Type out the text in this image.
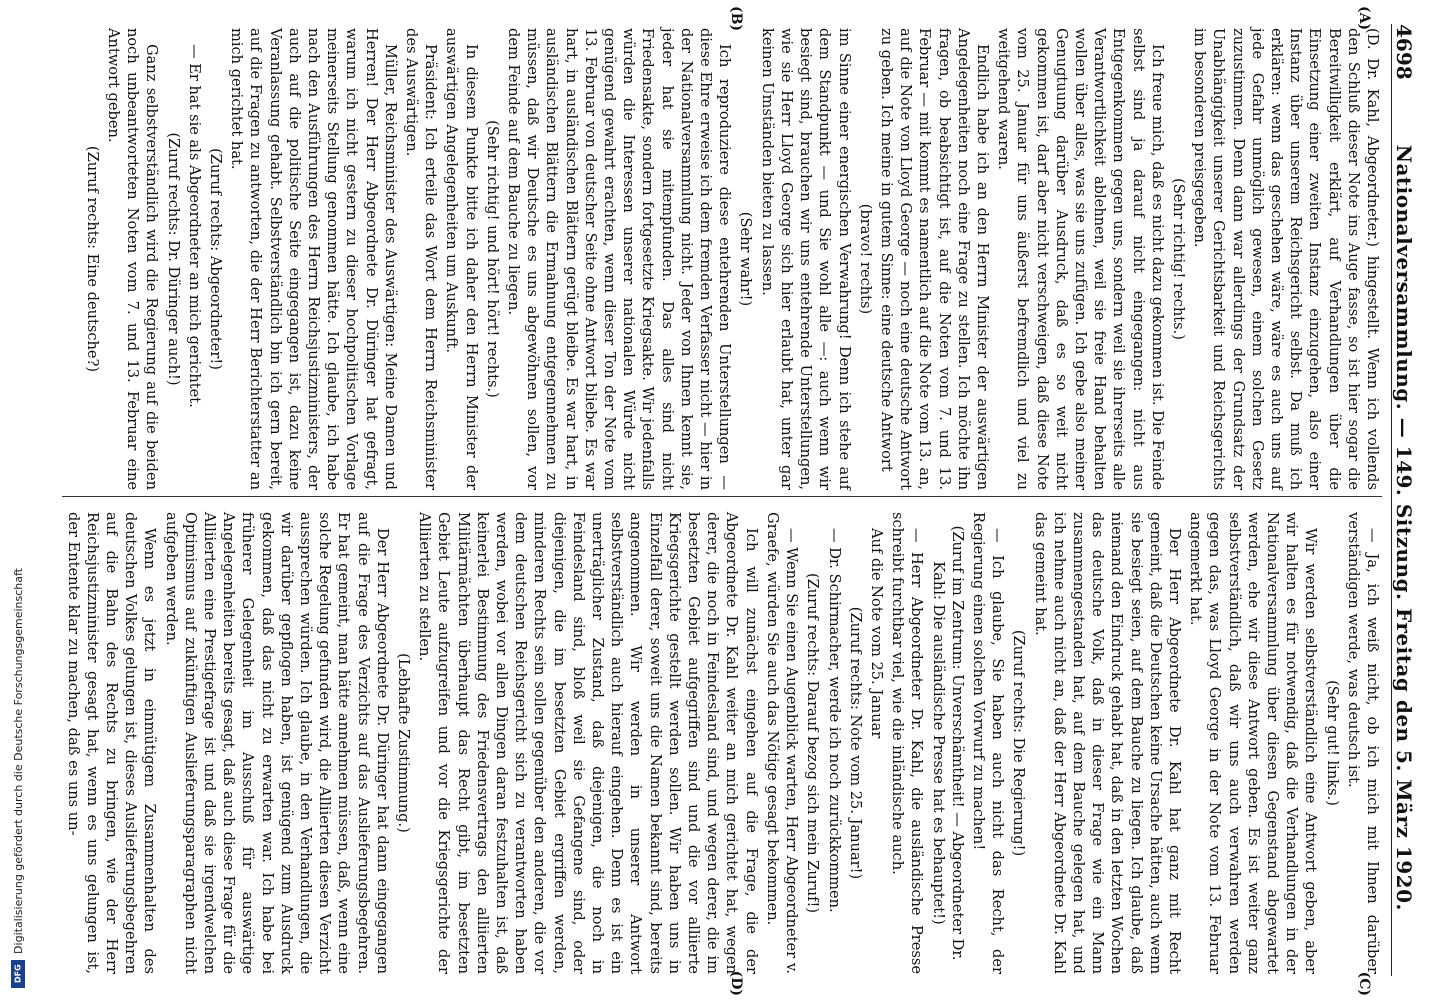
4698
Nationalversammlung. — 149. Sitzung. Freitag den 5. März 1920.
(A)
(B)
(C)
(D)

(D. Dr. Kahl, Abgeordneter.) hingestellt. Wenn ich vollends den Schluß dieser Note ins Auge fasse, so ist hier sogar die Bereitwilligkeit erklärt, auf Verhandlungen über die Einsetzung einer zweiten Instanz einzugehen, also einer Instanz über unserem Reichsgericht selbst. Da muß ich erklären: wenn das geschehen wäre, wäre es auch uns auf jede Gefahr unmöglich gewesen, einem solchen Gesetz zuzustimmen. Denn dann war allerdings der Grundsatz der Unabhängigkeit unserer Gerichtsbarkeit und Reichsgerichts im besonderen preisgegeben.

(Sehr richtig! rechts.)

Ich freue mich, daß es nicht dazu gekommen ist. Die Feinde selbst sind ja darauf nicht eingegangen: nicht aus Entgegenkommen gegen uns, sondern weil sie ihrerseits alle Verantwortlichkeit ablehnen, weil sie freie Hand behalten wollen über alles, was sie uns zufügen. Ich gebe also meiner Genugtuung darüber Ausdruck, daß es so weit nicht gekommen ist, darf aber nicht verschweigen, daß diese Note vom 25. Januar für uns äußerst befremdlich und viel zu weitgehend waren.

Endlich habe ich an den Herrn Minister der auswärtigen Angelegenheiten noch eine Frage zu stellen. Ich möchte ihn fragen, ob beabsichtigt ist, auf die Noten vom 7. und 13. Februar — mit kommt es namentlich auf die Note vom 13. an, auf die Note von Lloyd George — noch eine deutsche Antwort zu geben. Ich meine in gutem Sinne: eine deutsche Antwort

(bravo! rechts)

im Sinne einer energischen Verwahrung! Denn ich stehe auf dem Standpunkt — und Sie wohl alle —: auch wenn wir besiegt sind, brauchen wir uns entehrende Unterstellungen, wie sie Herr Lloyd George sich hier erlaubt hat, unter gar keinen Umständen bieten zu lassen.

(Sehr wahr!)

Ich reproduziere diese entehrenden Unterstellungen — diese Ehre erweise ich dem fremden Verfasser nicht — hier in der Nationalversammlung nicht. Jeder von Ihnen kennt sie, jeder hat sie mitempfunden. Das alles sind nicht Friedensakte, sondern fortgesetzte Kriegsakte. Wir jedenfalls würden die Interessen unserer nationalen Würde nicht genügend gewahrt erachten, wenn dieser Ton der Note vom 13. Februar von deutscher Seite ohne Antwort bliebe. Es war hart, in ausländischen Blättern gerügt bleibe. Es war hart, in ausländischen Blättern die Ermahnung entgegennehmen zu müssen, daß wir Deutsche es uns abgewöhnen sollen, vor dem Feinde auf dem Bauche zu liegen.

(Sehr richtig! und hört! hört! rechts.)

In diesem Punkte bitte ich daher den Herrn Minister der auswärtigen Angelegenheiten um Auskunft.

Präsident: Ich erteile das Wort dem Herrn Reichsminister des Auswärtigen.

Müller, Reichsminister des Auswärtigen: Meine Damen und Herren! Der Herr Abgeordnete Dr. Düringer hat gefragt, warum ich nicht gestern zu dieser hochpolitischen Vorlage meinerseits Stellung genommen hätte. Ich glaube, ich habe nach den Ausführungen des Herrn Reichsjustizministers, der auch auf die politische Seite eingegangen ist, dazu keine Veranlassung gehabt. Selbstverständlich bin ich gern bereit, auf die Fragen zu antworten, die der Herr Berichterstatter an mich gerichtet hat.

(Zuruf rechts: Abgeordneter!)

— Er hat sie als Abgeordneter an mich gerichtet.

(Zuruf rechts: Dr. Düringer auch!)

Ganz selbstverständlich wird die Regierung auf die beiden noch unbeantworteten Noten vom 7. und 13. Februar eine Antwort geben.

(Zuruf rechts: Eine deutsche?)

— Ja, ich weiß nicht, ob ich mich mit Ihnen darüber verständigen werde, was deutsch ist.

(Sehr gut! links.)

Wir werden selbstverständlich eine Antwort geben, aber wir halten es für notwendig, daß die Verhandlungen in der Nationalversammlung über diesen Gegenstand abgewartet werden, ehe wir diese Antwort geben. Es ist weiter ganz selbstverständlich, daß wir uns auch verwahren werden gegen das, was Lloyd George in der Note vom 13. Februar angemerkt hat.

Der Herr Abgeordnete Dr. Kahl hat ganz mit Recht gemeint, daß die Deutschen keine Ursache hätten, auch wenn sie besiegt seien, auf dem Bauche zu liegen. Ich glaube, daß niemand den Eindruck gehabt hat, daß in den letzten Wochen das deutsche Volk, daß in dieser Frage wie ein Mann zusammengestanden hat, auf dem Bauche gelegen hat, und ich nehme auch nicht an, daß der Herr Abgeordnete Dr. Kahl das gemeint hat.

(Zuruf rechts: Die Regierung!)

— Ich glaube, Sie haben auch nicht das Recht, der Regierung einen solchen Vorwurf zu machen!

(Zuruf im Zentrum: Unverschämtheit! — Abgeordneter Dr. Kahl: Die ausländische Presse hat es behauptet!)

— Herr Abgeordneter Dr. Kahl, die ausländische Presse schreibt furchtbar viel, wie die inländische auch.

Auf die Note vom 25. Januar

(Zuruf rechts: Note vom 25. Januar!)

— Dr. Schirmacher, werde ich noch zurückkommen.

(Zuruf rechts: Darauf bezog sich mein Zuruf!)

— Wenn Sie einen Augenblick warten, Herr Abgeordneter v. Graefe, würden Sie auch das Nötige gesagt bekommen.

Ich will zunächst eingehen auf die Frage, die der Abgeordnete Dr. Kahl weiter an mich gerichtet hat, wegen derer, die noch in Feindesland sind, und wegen derer, die im besetzten Gebiet aufgegriffen sind und die vor alliierte Kriegsgerichte gestellt werden sollen. Wir haben uns in Einzelfall derer, soweit uns die Namen bekannt sind, bereits angenommen. Wir werden in unserer Antwort selbstverständlich auch hierauf eingehen. Denn es ist ein unerträglicher Zustand, daß diejenigen, die noch in Feindesland sind, bloß weil sie Gefangene sind, oder diejenigen, die im besetzten Gebiet ergriffen werden, minderen Rechts sein sollen gegenüber den anderen, die vor dem deutschen Reichsgericht sich zu verantworten haben werden, wobei vor allen Dingen daran festzuhalten ist, daß keinerlei Bestimmung des Friedensvertrags den alliierten Militärmächten überhaupt das Recht gibt, im besetzten Gebiet Leute aufzugreifen und vor die Kriegsgerichte der Alliierten zu stellen.

(Lebhafte Zustimmung.)

Der Herr Abgeordnete Dr. Düringer hat dann eingegangen auf die Frage des Verzichts auf das Auslieferungsbegehren. Er hat gemeint, man hätte annehmen müssen, daß, wenn eine solche Regelung gefunden wird, die Alliierten diesen Verzicht aussprechen würden. Ich glaube, in den Verhandlungen, die wir darüber gepflogen haben, ist genügend zum Ausdruck gekommen, daß das nicht zu erwarten war. Ich habe bei früherer Gelegenheit im Ausschuß für auswärtige Angelegenheiten bereits gesagt, daß auch diese Frage für die Alliierten eine Prestigefrage ist und daß sie irgendwelchen Optimismus auf zukünftigen Auslieferungsparagraphen nicht aufgeben werden.

Wenn es jetzt in einmütigem Zusammenhalten des deutschen Volkes gelungen ist, dieses Auslieferungsbegehren auf die Bahn des Rechts zu bringen, wie der Herr Reichsjustizminister gesagt hat, wenn es uns gelungen ist, der Entente klar zu machen, daß es uns un-

Digitalisierung gefördert durch die Deutsche Forschungsgemeinschaft
DFG
